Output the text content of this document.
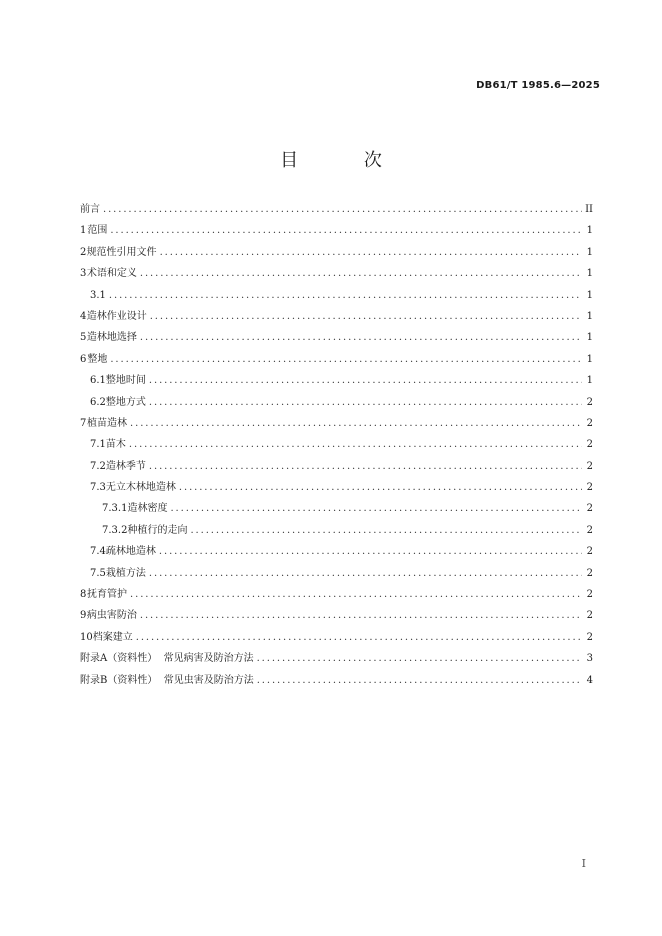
DB61/T 1985.6—2025
目 次
前言 .....	II
1 范围 .....	1
2 规范性引用文件 .....	1
3 术语和定义 .....	1
3.1 .....	1
4 造林作业设计 .....	1
5 造林地选择 .....	1
6 整地 .....	1
6.1 整地时间 .....	1
6.2 整地方式 .....	2
7 植苗造林 .....	2
7.1 苗木 .....	2
7.2 造林季节 .....	2
7.3 无立木林地造林 .....	2
7.3.1 造林密度 .....	2
7.3.2 种植行的走向 .....	2
7.4 疏林地造林 .....	2
7.5 栽植方法 .....	2
8 抚育管护 .....	2
9 病虫害防治 .....	2
10 档案建立 .....	2
附录A （资料性）  常见病害及防治方法 .....	3
附录B （资料性）  常见虫害及防治方法 .....	4
I
